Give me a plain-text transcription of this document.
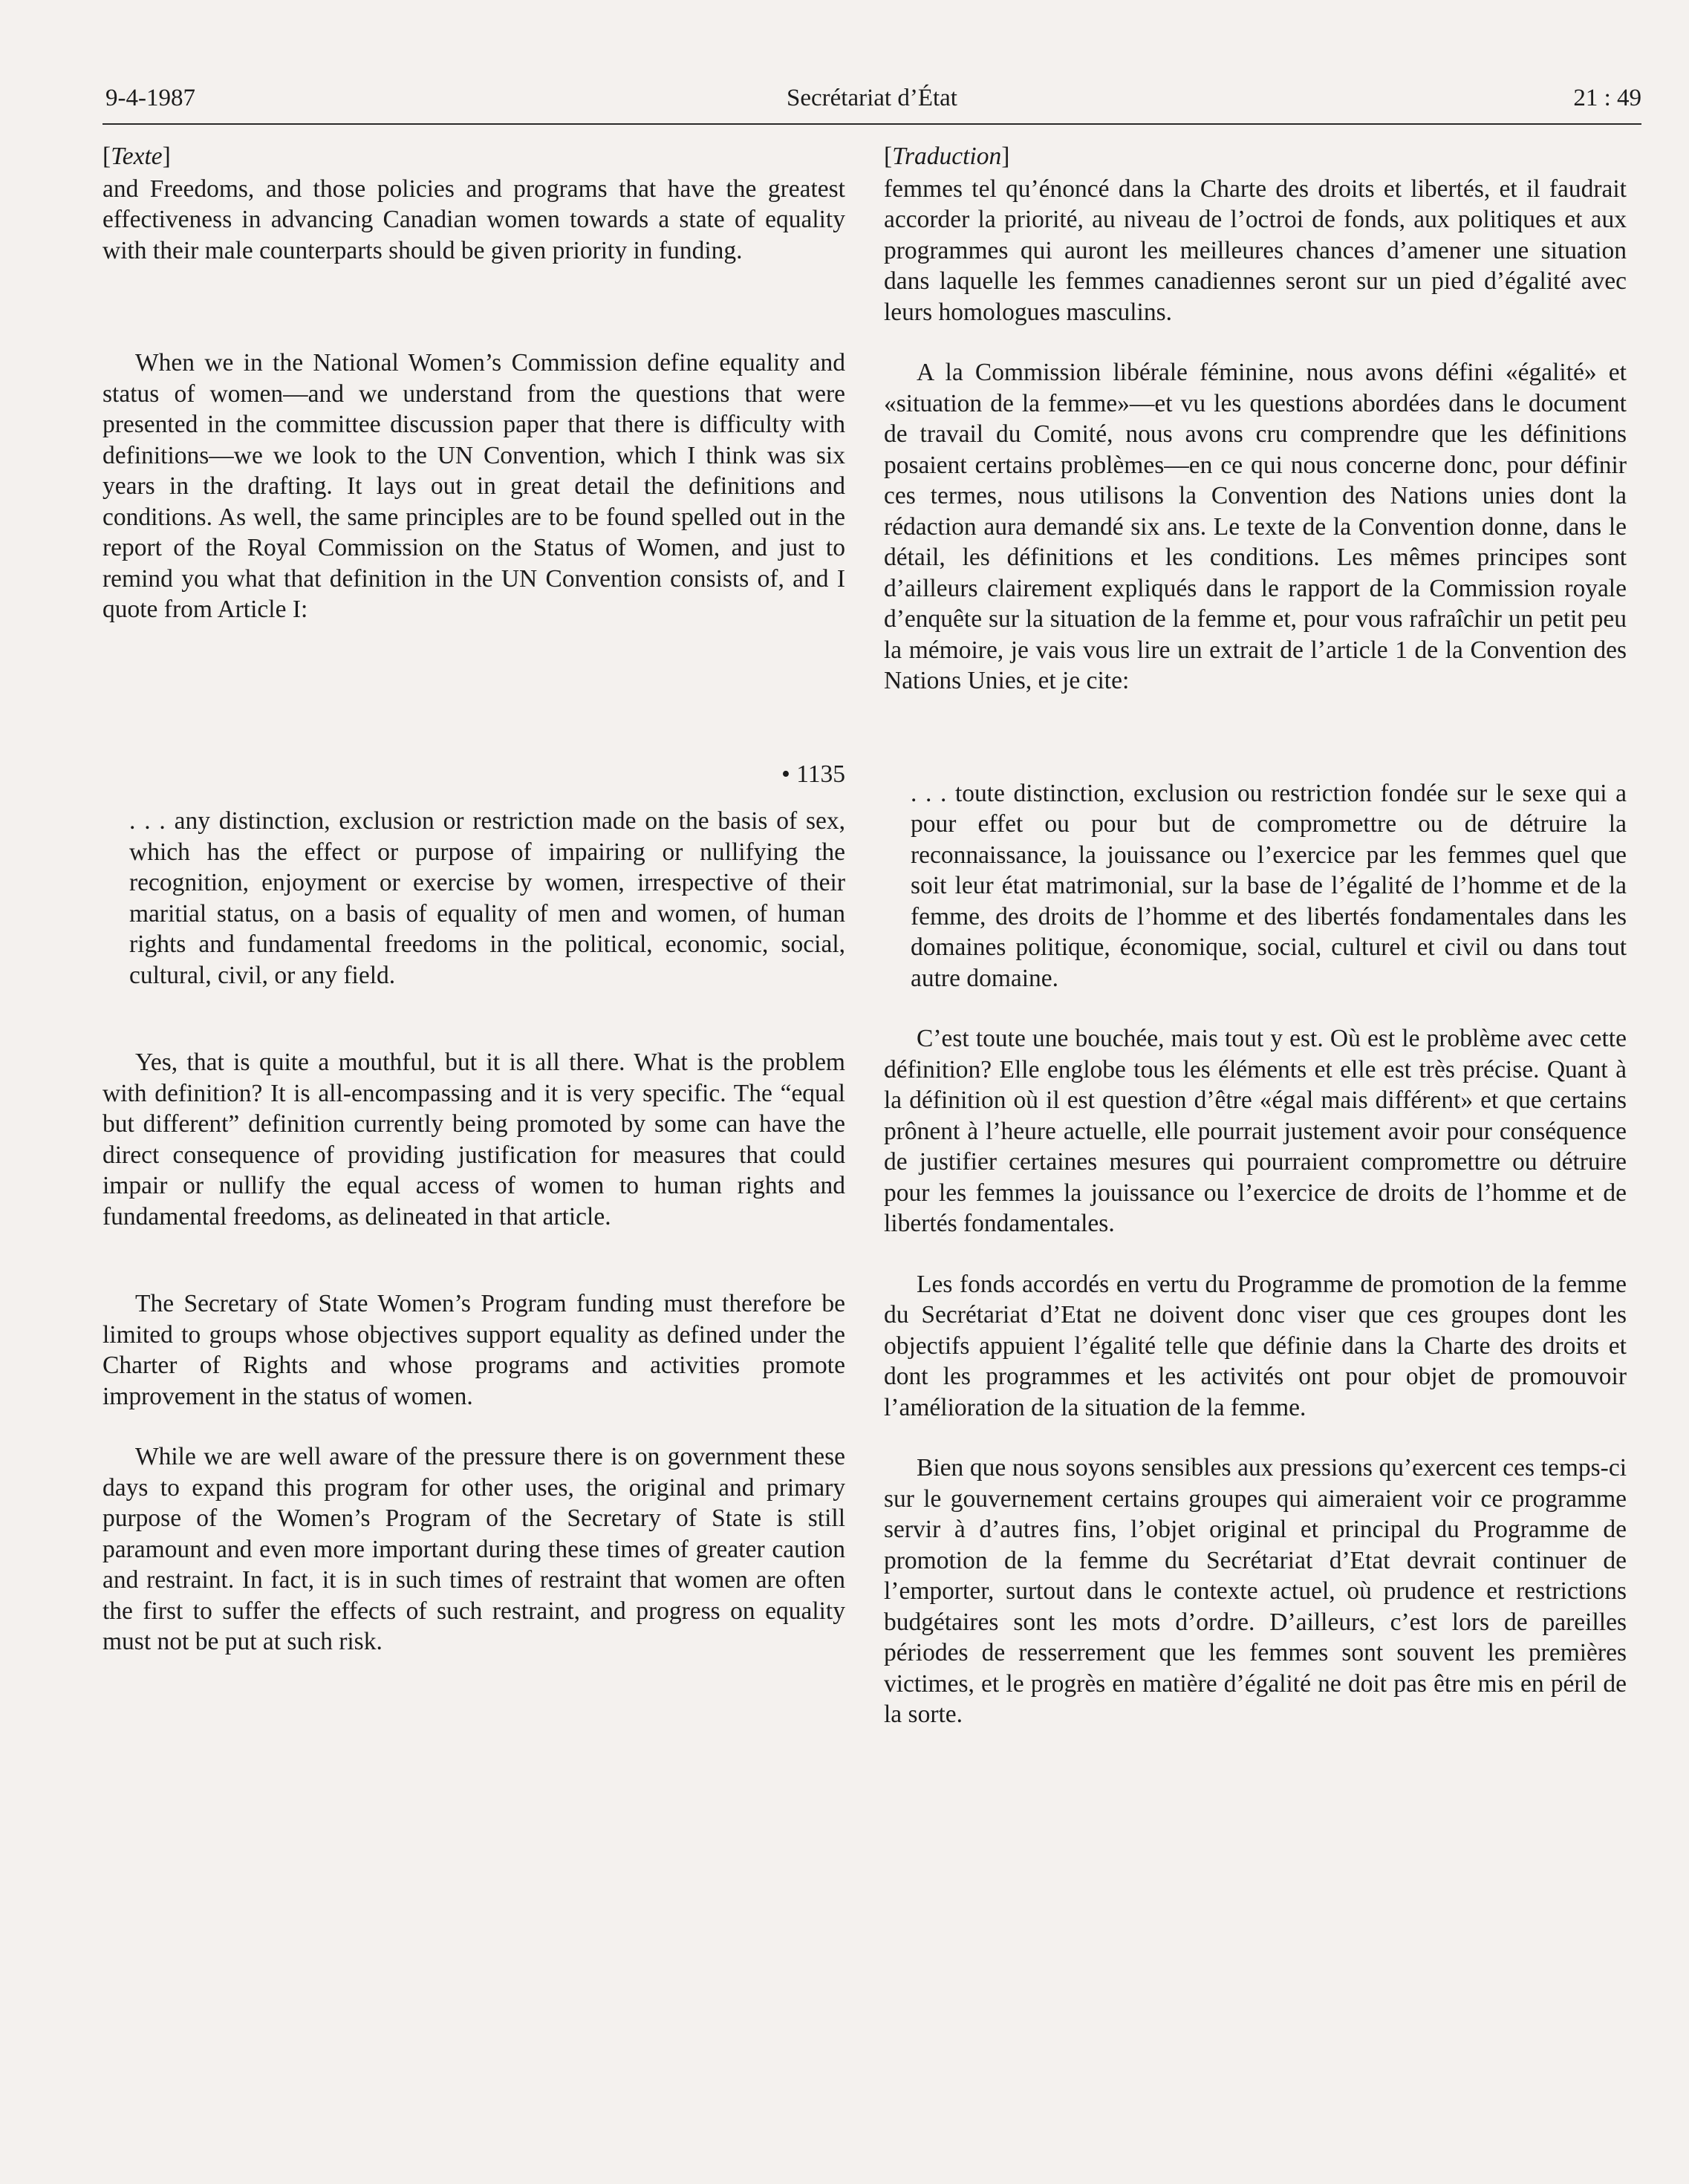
9-4-1987	Secrétariat d’État	21 : 49
[Texte]

and Freedoms, and those policies and programs that have the greatest effectiveness in advancing Canadian women towards a state of equality with their male counterparts should be given priority in funding.

When we in the National Women’s Commission define equality and status of women—and we understand from the questions that were presented in the committee discussion paper that there is difficulty with definitions—we we look to the UN Convention, which I think was six years in the drafting. It lays out in great detail the definitions and conditions. As well, the same principles are to be found spelled out in the report of the Royal Commission on the Status of Women, and just to remind you what that definition in the UN Convention consists of, and I quote from Article I:

• 1135

. . . any distinction, exclusion or restriction made on the basis of sex, which has the effect or purpose of impairing or nullifying the recognition, enjoyment or exercise by women, irrespective of their maritial status, on a basis of equality of men and women, of human rights and fundamental freedoms in the political, economic, social, cultural, civil, or any field.

Yes, that is quite a mouthful, but it is all there. What is the problem with definition? It is all-encompassing and it is very specific. The “equal but different” definition currently being promoted by some can have the direct consequence of providing justification for measures that could impair or nullify the equal access of women to human rights and fundamental freedoms, as delineated in that article.

The Secretary of State Women’s Program funding must therefore be limited to groups whose objectives support equality as defined under the Charter of Rights and whose programs and activities promote improvement in the status of women.

While we are well aware of the pressure there is on government these days to expand this program for other uses, the original and primary purpose of the Women’s Program of the Secretary of State is still paramount and even more important during these times of greater caution and restraint. In fact, it is in such times of restraint that women are often the first to suffer the effects of such restraint, and progress on equality must not be put at such risk.

[Traduction]

femmes tel qu’énoncé dans la Charte des droits et libertés, et il faudrait accorder la priorité, au niveau de l’octroi de fonds, aux politiques et aux programmes qui auront les meilleures chances d’amener une situation dans laquelle les femmes canadiennes seront sur un pied d’égalité avec leurs homologues masculins.

A la Commission libérale féminine, nous avons défini «égalité» et «situation de la femme»—et vu les questions abordées dans le document de travail du Comité, nous avons cru comprendre que les définitions posaient certains problèmes—en ce qui nous concerne donc, pour définir ces termes, nous utilisons la Convention des Nations unies dont la rédaction aura demandé six ans. Le texte de la Convention donne, dans le détail, les définitions et les conditions. Les mêmes principes sont d’ailleurs clairement expliqués dans le rapport de la Commission royale d’enquête sur la situation de la femme et, pour vous rafraîchir un petit peu la mémoire, je vais vous lire un extrait de l’article 1 de la Convention des Nations Unies, et je cite:

. . . toute distinction, exclusion ou restriction fondée sur le sexe qui a pour effet ou pour but de compromettre ou de détruire la reconnaissance, la jouissance ou l’exercice par les femmes quel que soit leur état matrimonial, sur la base de l’égalité de l’homme et de la femme, des droits de l’homme et des libertés fondamentales dans les domaines politique, économique, social, culturel et civil ou dans tout autre domaine.

C’est toute une bouchée, mais tout y est. Où est le problème avec cette définition? Elle englobe tous les éléments et elle est très précise. Quant à la définition où il est question d’être «égal mais différent» et que certains prônent à l’heure actuelle, elle pourrait justement avoir pour conséquence de justifier certaines mesures qui pourraient compromettre ou détruire pour les femmes la jouissance ou l’exercice de droits de l’homme et de libertés fondamentales.

Les fonds accordés en vertu du Programme de promotion de la femme du Secrétariat d’Etat ne doivent donc viser que ces groupes dont les objectifs appuient l’égalité telle que définie dans la Charte des droits et dont les programmes et les activités ont pour objet de promouvoir l’amélioration de la situation de la femme.

Bien que nous soyons sensibles aux pressions qu’exercent ces temps-ci sur le gouvernement certains groupes qui aimeraient voir ce programme servir à d’autres fins, l’objet original et principal du Programme de promotion de la femme du Secrétariat d’Etat devrait continuer de l’emporter, surtout dans le contexte actuel, où prudence et restrictions budgétaires sont les mots d’ordre. D’ailleurs, c’est lors de pareilles périodes de resserrement que les femmes sont souvent les premières victimes, et le progrès en matière d’égalité ne doit pas être mis en péril de la sorte.
